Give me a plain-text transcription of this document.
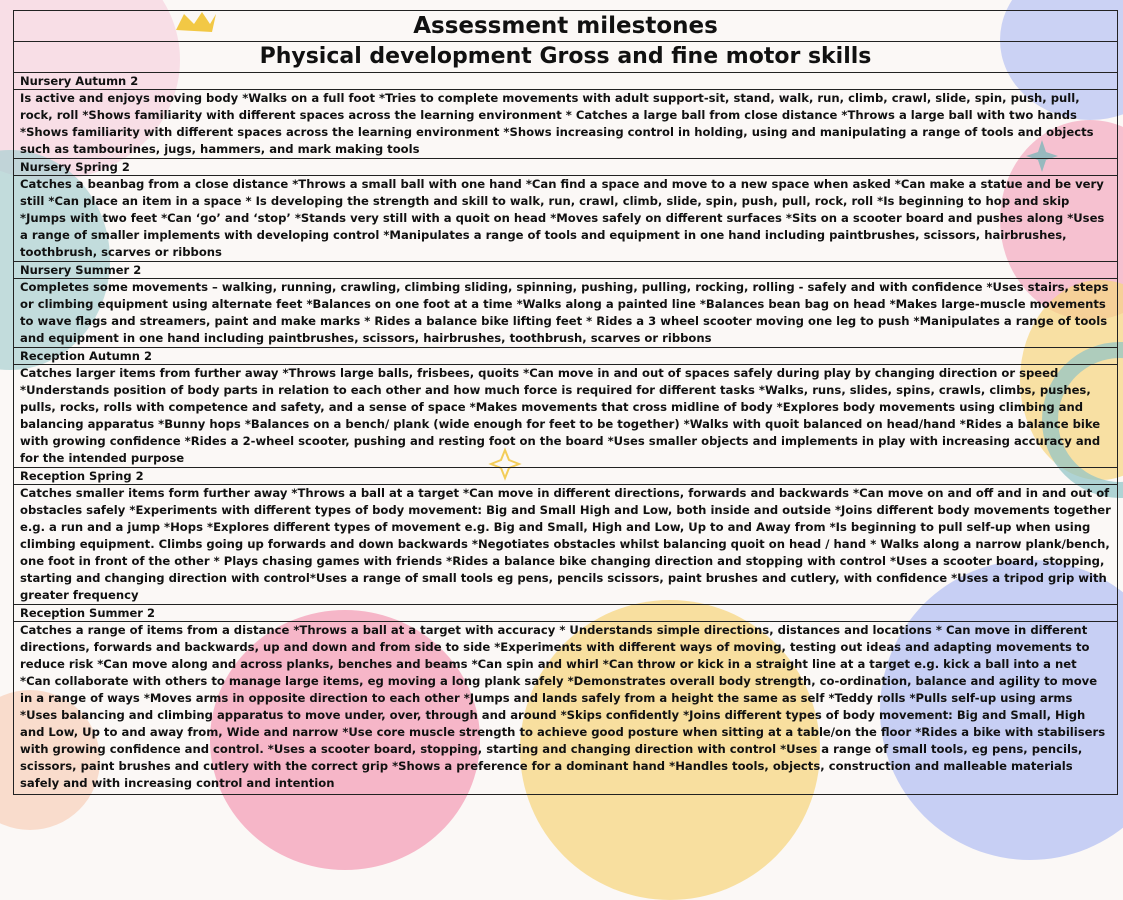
Assessment milestones
Physical development Gross and fine motor skills
Nursery Autumn 2
Is active and enjoys moving body *Walks on a full foot *Tries to complete movements with adult support-sit, stand, walk, run, climb, crawl, slide, spin, push, pull, rock, roll *Shows familiarity with different spaces across the learning environment * Catches a large ball from close distance *Throws a large ball with two hands *Shows familiarity with different spaces across the learning environment *Shows increasing control in holding, using and manipulating a range of tools and objects such as tambourines, jugs, hammers, and mark making tools
Nursery Spring 2
Catches a beanbag from a close distance *Throws a small ball with one hand *Can find a space and move to a new space when asked *Can make a statue and be very still *Can place an item in a space * Is developing the strength and skill to walk, run, crawl, climb, slide, spin, push, pull, rock, roll *Is beginning to hop and skip *Jumps with two feet *Can ‘go’ and ‘stop’ *Stands very still with a quoit on head *Moves safely on different surfaces *Sits on a scooter board and pushes along *Uses a range of smaller implements with developing control *Manipulates a range of tools and equipment in one hand including paintbrushes, scissors, hairbrushes, toothbrush, scarves or ribbons
Nursery Summer 2
Completes some movements – walking, running, crawling, climbing sliding, spinning, pushing, pulling, rocking, rolling - safely and with confidence *Uses stairs, steps or climbing equipment using alternate feet *Balances on one foot at a time *Walks along a painted line *Balances bean bag on head *Makes large-muscle movements to wave flags and streamers, paint and make marks * Rides a balance bike lifting feet * Rides a 3 wheel scooter moving one leg to push *Manipulates a range of tools and equipment in one hand including paintbrushes, scissors, hairbrushes, toothbrush, scarves or ribbons
Reception Autumn 2
Catches larger items from further away *Throws large balls, frisbees, quoits *Can move in and out of spaces safely during play by changing direction or speed *Understands position of body parts in relation to each other and how much force is required for different tasks *Walks, runs, slides, spins, crawls, climbs, pushes, pulls, rocks, rolls with competence and safety, and a sense of space *Makes movements that cross midline of body *Explores body movements using climbing and balancing apparatus *Bunny hops *Balances on a bench/ plank (wide enough for feet to be together) *Walks with quoit balanced on head/hand *Rides a balance bike with growing confidence *Rides a 2-wheel scooter, pushing and resting foot on the board *Uses smaller objects and implements in play with increasing accuracy and for the intended purpose
Reception Spring 2
Catches smaller items form further away *Throws a ball at a target *Can move in different directions, forwards and backwards *Can move on and off and in and out of obstacles safely *Experiments with different types of body movement: Big and Small High and Low, both inside and outside *Joins different body movements together e.g. a run and a jump *Hops *Explores different types of movement e.g. Big and Small, High and Low, Up to and Away from *Is beginning to pull self-up when using climbing equipment. Climbs going up forwards and down backwards *Negotiates obstacles whilst balancing quoit on head / hand * Walks along a narrow plank/bench, one foot in front of the other * Plays chasing games with friends *Rides a balance bike changing direction and stopping with control *Uses a scooter board, stopping, starting and changing direction with control*Uses a range of small tools eg pens, pencils scissors, paint brushes and cutlery, with confidence *Uses a tripod grip with greater frequency
Reception Summer 2
Catches a range of items from a distance *Throws a ball at a target with accuracy * Understands simple directions, distances and locations * Can move in different directions, forwards and backwards, up and down and from side to side *Experiments with different ways of moving, testing out ideas and adapting movements to reduce risk *Can move along and across planks, benches and beams *Can spin and whirl *Can throw or kick in a straight line at a target e.g. kick a ball into a net *Can collaborate with others to manage large items, eg moving a long plank safely *Demonstrates overall body strength, co-ordination, balance and agility to move in a range of ways *Moves arms in opposite direction to each other *Jumps and lands safely from a height the same as self *Teddy rolls *Pulls self-up using arms *Uses balancing and climbing apparatus to move under, over, through and around *Skips confidently *Joins different types of body movement: Big and Small, High and Low, Up to and away from, Wide and narrow *Use core muscle strength to achieve good posture when sitting at a table/on the floor *Rides a bike with stabilisers with growing confidence and control. *Uses a scooter board, stopping, starting and changing direction with control *Uses a range of small tools, eg pens, pencils, scissors, paint brushes and cutlery with the correct grip *Shows a preference for a dominant hand *Handles tools, objects, construction and malleable materials safely and with increasing control and intention
